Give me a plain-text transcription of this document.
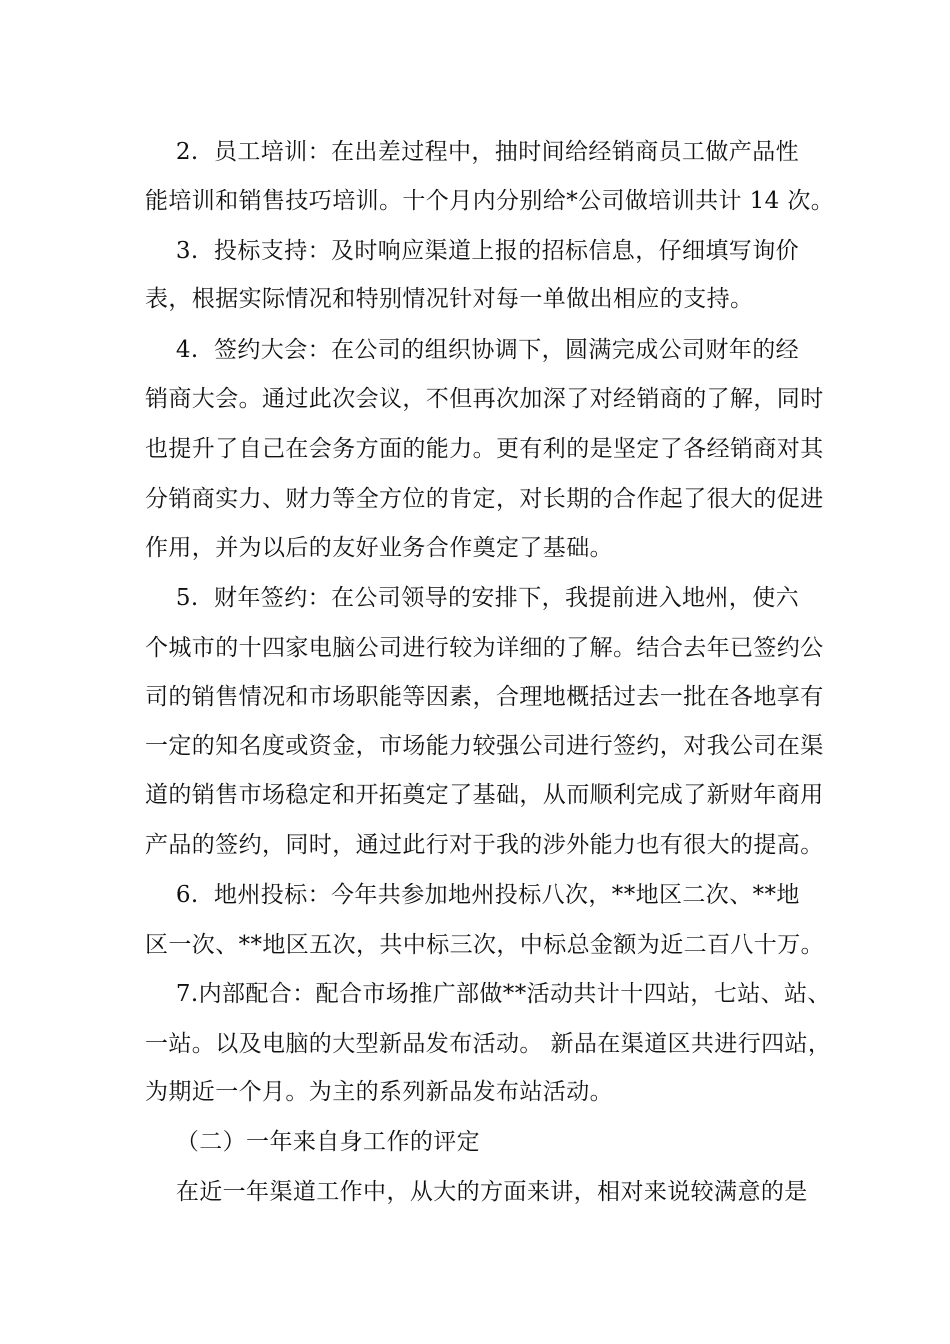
2.  员工培训：在出差过程中，抽时间给经销商员工做产品性
能培训和销售技巧培训。十个月内分别给*公司做培训共计 14 次。
3.  投标支持：及时响应渠道上报的招标信息，仔细填写询价
表，根据实际情况和特别情况针对每一单做出相应的支持。
4.  签约大会：在公司的组织协调下，圆满完成公司财年的经
销商大会。通过此次会议，不但再次加深了对经销商的了解，同时
也提升了自己在会务方面的能力。更有利的是坚定了各经销商对其
分销商实力、财力等全方位的肯定，对长期的合作起了很大的促进
作用，并为以后的友好业务合作奠定了基础。
5.  财年签约：在公司领导的安排下，我提前进入地州，使六
个城市的十四家电脑公司进行较为详细的了解。结合去年已签约公
司的销售情况和市场职能等因素，合理地概括过去一批在各地享有
一定的知名度或资金，市场能力较强公司进行签约，对我公司在渠
道的销售市场稳定和开拓奠定了基础，从而顺利完成了新财年商用
产品的签约，同时，通过此行对于我的涉外能力也有很大的提高。
6.  地州投标：今年共参加地州投标八次，**地区二次、**地
区一次、**地区五次，共中标三次，中标总金额为近二百八十万。
7.内部配合：配合市场推广部做**活动共计十四站，七站、站、
一站。以及电脑的大型新品发布活动。 新品在渠道区共进行四站，
为期近一个月。为主的系列新品发布站活动。
（二）一年来自身工作的评定
在近一年渠道工作中，从大的方面来讲，相对来说较满意的是
